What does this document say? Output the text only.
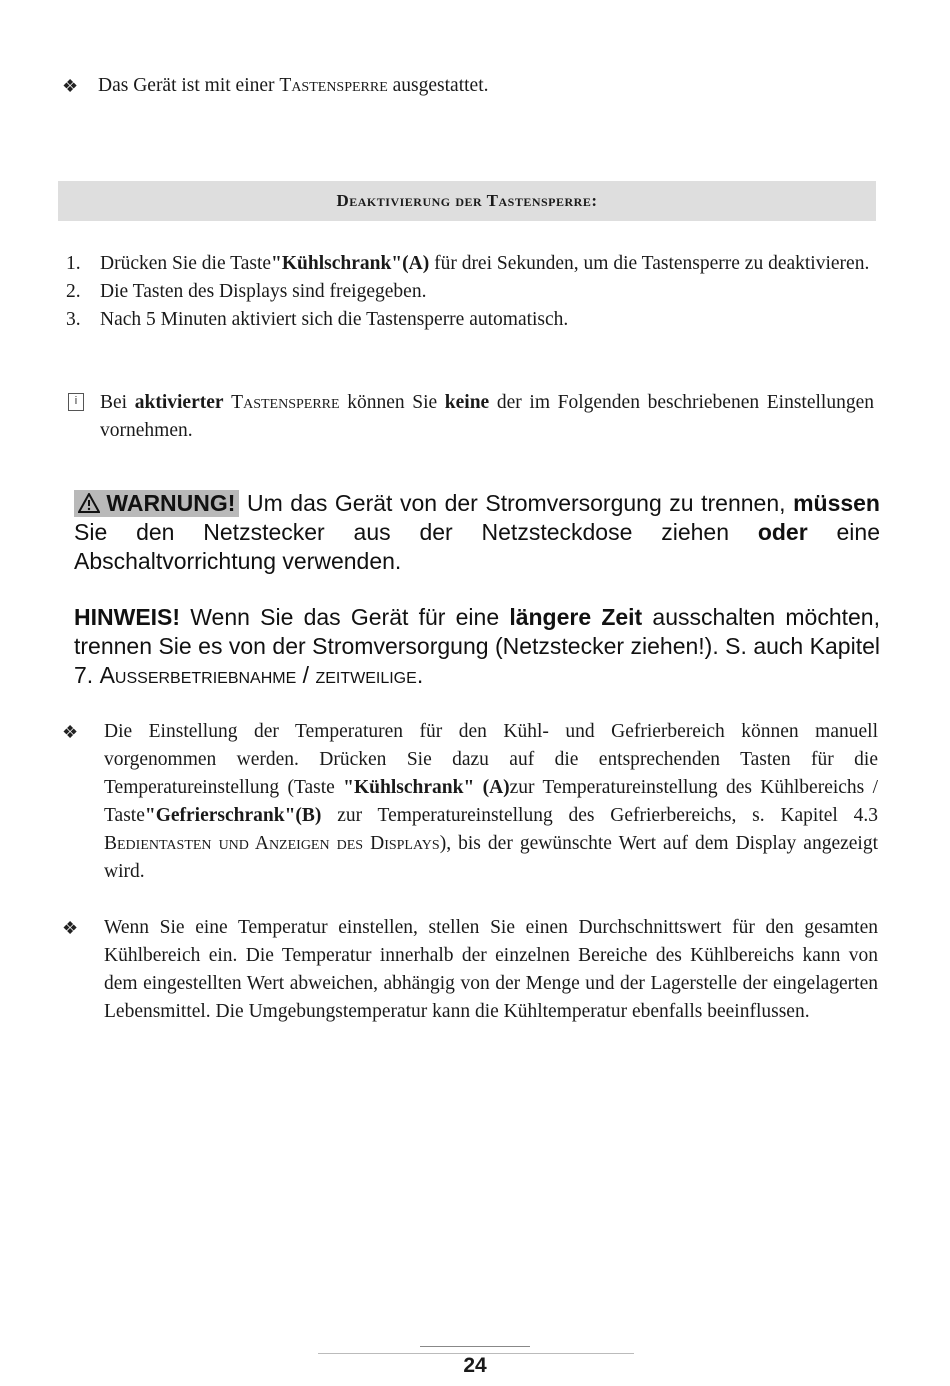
❖ Das Gerät ist mit einer Tastensperre ausgestattet.
Deaktivierung der Tastensperre:
1. Drücken Sie die Taste"Kühlschrank"(A) für drei Sekunden, um die Tastensperre zu deaktivieren.
2. Die Tasten des Displays sind freigegeben.
3. Nach 5 Minuten aktiviert sich die Tastensperre automatisch.
i	Bei aktivierter Tastensperre können Sie keine der im Folgenden beschriebenen Einstellungen vornehmen.
WARNUNG! Um das Gerät von der Stromversorgung zu trennen, müssen Sie den Netzstecker aus der Netzsteckdose ziehen oder eine Abschaltvorrichtung verwenden.
HINWEIS! Wenn Sie das Gerät für eine längere Zeit ausschalten möchten, trennen Sie es von der Stromversorgung (Netzstecker ziehen!). S. auch Kapitel 7. Außerbetriebnahme / zeitweilige.
❖ Die Einstellung der Temperaturen für den Kühl- und Gefrierbereich können manuell vorgenommen werden. Drücken Sie dazu auf die entsprechenden Tasten für die Temperatureinstellung (Taste "Kühlschrank" (A)zur Temperatureinstellung des Kühlbereichs / Taste"Gefrierschrank"(B) zur Temperatureinstellung des Gefrierbereichs, s. Kapitel 4.3 Bedientasten und Anzeigen des Displays), bis der gewünschte Wert auf dem Display angezeigt wird.
❖ Wenn Sie eine Temperatur einstellen, stellen Sie einen Durchschnittswert für den gesamten Kühlbereich ein. Die Temperatur innerhalb der einzelnen Bereiche des Kühlbereichs kann von dem eingestellten Wert abweichen, abhängig von der Menge und der Lagerstelle der eingelagerten Lebensmittel. Die Umgebungstemperatur kann die Kühltemperatur ebenfalls beeinflussen.
24
